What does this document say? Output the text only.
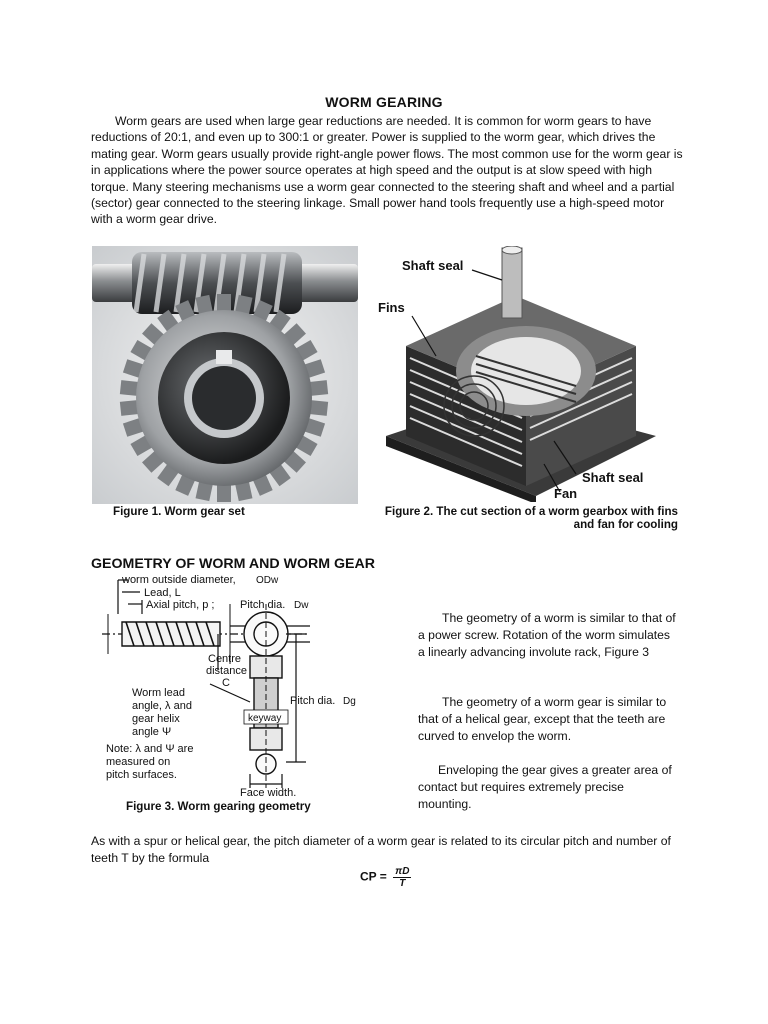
WORM GEARING
Worm gears are used when large gear reductions are needed. It is common for worm gears to have reductions of 20:1, and even up to 300:1 or greater. Power is supplied to the worm gear, which drives the mating gear. Worm gears usually provide right-angle power flows. The most common use for the worm gear is in applications where the power source operates at high speed and the output is at slow speed with high torque. Many steering mechanisms use a worm gear connected to the steering shaft and wheel and a partial (sector) gear connected to the steering linkage. Small power hand tools frequently use a high-speed motor with a worm gear drive.
Shaft seal
Fins
Shaft seal
Fan
Figure 1. Worm gear set	Figure 2. The cut section of a worm gearbox with fins
and fan for cooling
GEOMETRY OF WORM AND WORM GEAR
worm outside diameter, ODw
Lead, L
Axial pitch, p ; Pitch dia. Dw
Centre
distance
C
Worm lead
angle, λ and
gear helix
angle Ψ
Note: λ and Ψ are
measured on
pitch surfaces.
Pitch dia. Dg
keyway
Face width.
Figure 3. Worm gearing geometry
The geometry of a worm is similar to that of a power screw. Rotation of the worm simulates a linearly advancing involute rack, Figure 3
The geometry of a worm gear is similar to that of a helical gear, except that the teeth are curved to envelop the worm.
Enveloping the gear gives a greater area of contact but requires extremely precise mounting.
As with a spur or helical gear, the pitch diameter of a worm gear is related to its circular pitch and number of teeth T by the formula
CP = $\frac{\pi D}{T}$
